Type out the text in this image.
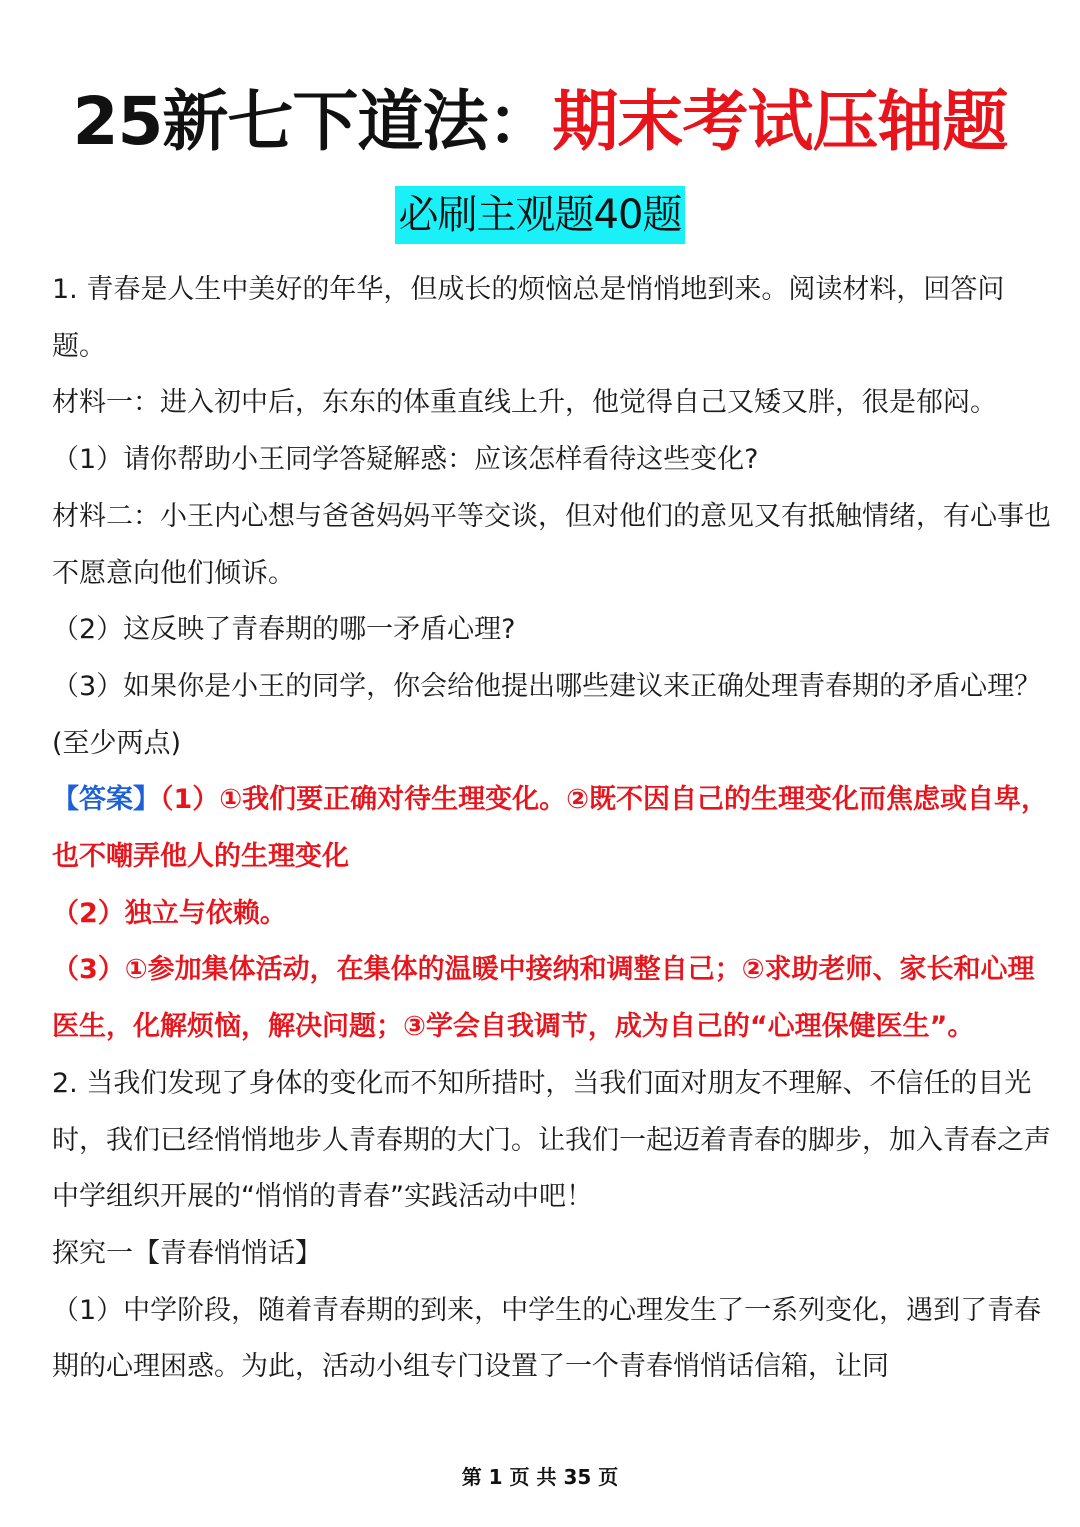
25新七下道法：期末考试压轴题
必刷主观题40题

1. 青春是人生中美好的年华，但成长的烦恼总是悄悄地到来。阅读材料，回答问题。

材料一：进入初中后，东东的体重直线上升，他觉得自己又矮又胖，很是郁闷。

（1）请你帮助小王同学答疑解惑：应该怎样看待这些变化?

材料二：小王内心想与爸爸妈妈平等交谈，但对他们的意见又有抵触情绪，有心事也不愿意向他们倾诉。

（2）这反映了青春期的哪一矛盾心理?

（3）如果你是小王的同学，你会给他提出哪些建议来正确处理青春期的矛盾心理？(至少两点)

【答案】（1）①我们要正确对待生理变化。②既不因自己的生理变化而焦虑或自卑，也不嘲弄他人的生理变化

（2）独立与依赖。

（3）①参加集体活动，在集体的温暖中接纳和调整自己；②求助老师、家长和心理医生，化解烦恼，解决问题；③学会自我调节，成为自己的“心理保健医生”。

2. 当我们发现了身体的变化而不知所措时，当我们面对朋友不理解、不信任的目光时，我们已经悄悄地步人青春期的大门。让我们一起迈着青春的脚步，加入青春之声中学组织开展的“悄悄的青春”实践活动中吧！

探究一【青春悄悄话】

（1）中学阶段，随着青春期的到来，中学生的心理发生了一系列变化，遇到了青春期的心理困惑。为此，活动小组专门设置了一个青春悄悄话信箱，让同

第 1 页 共 35 页
